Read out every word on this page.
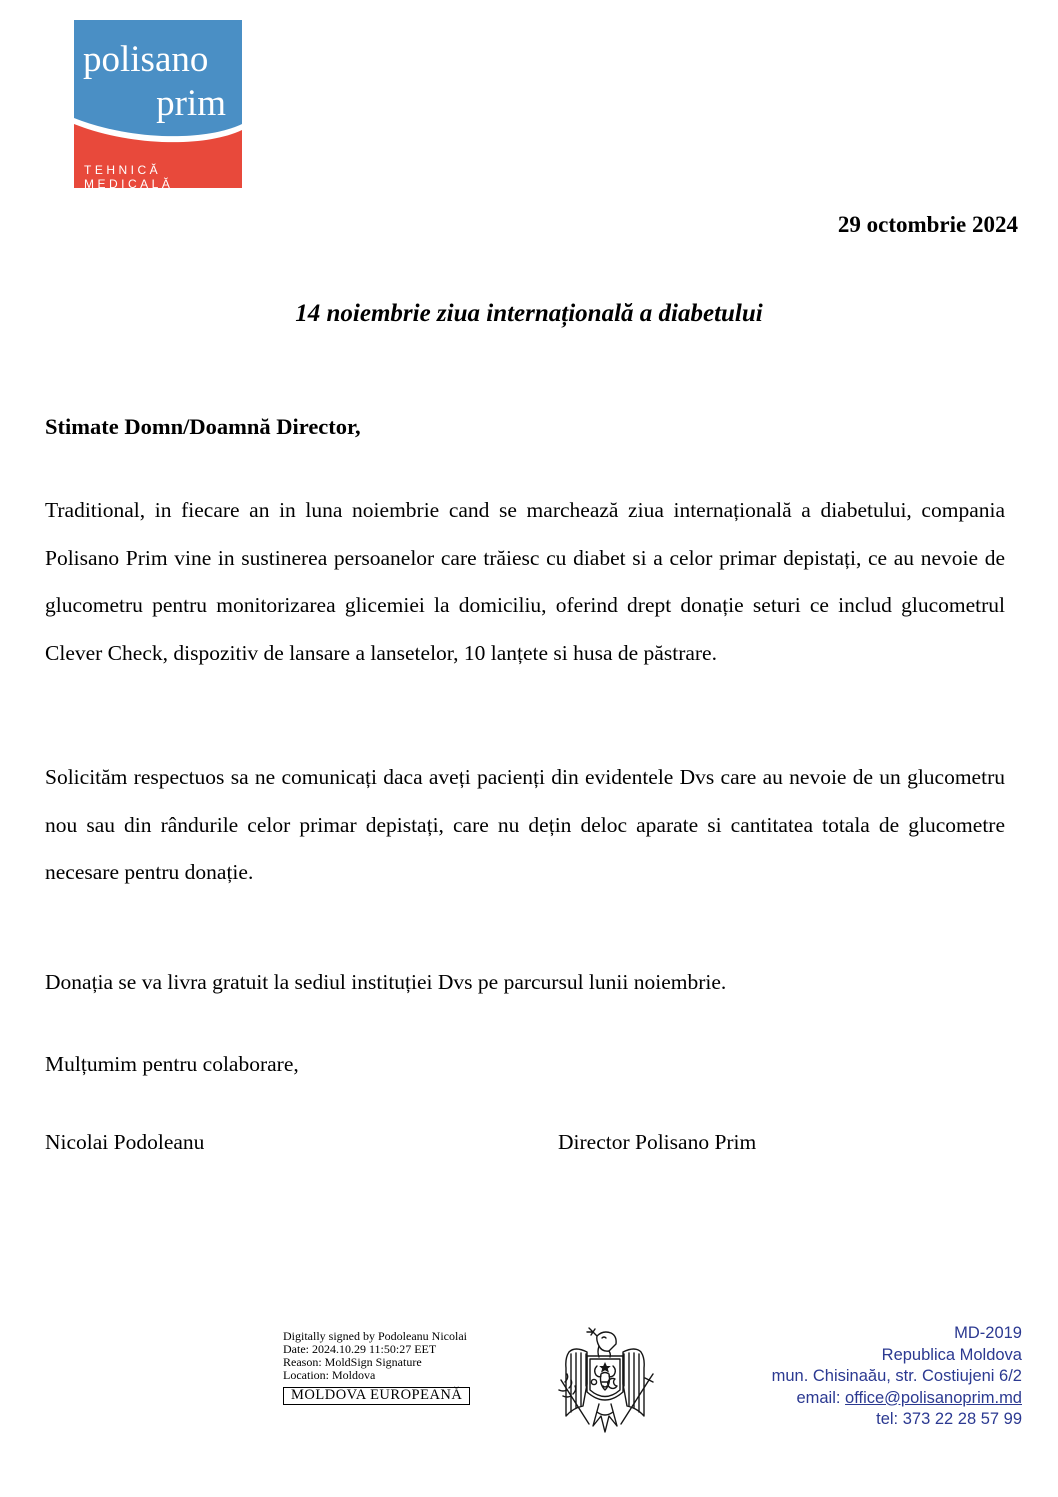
polisano
prim
TEHNICĂ MEDICALĂ
29 octombrie 2024
14 noiembrie ziua internațională a diabetului
Stimate Domn/Doamnă Director,

Traditional, in fiecare an in luna noiembrie cand se marchează ziua internațională a diabetului, compania Polisano Prim vine in sustinerea persoanelor care trăiesc cu diabet si a celor primar depistați, ce au nevoie de glucometru pentru monitorizarea glicemiei la domiciliu, oferind drept donație seturi ce includ glucometrul Clever Check, dispozitiv de lansare a lansetelor, 10 lanțete si husa de păstrare.

Solicităm respectuos sa ne comunicați daca aveți pacienți din evidentele Dvs care au nevoie de un glucometru nou sau din rândurile celor primar depistați, care nu dețin deloc aparate si cantitatea totala de glucometre necesare pentru donație.

Donația se va livra gratuit la sediul instituției Dvs pe parcursul lunii noiembrie.

Mulțumim pentru colaborare,

Nicolai Podoleanu	Director Polisano Prim
Digitally signed by Podoleanu Nicolai
Date: 2024.10.29 11:50:27 EET
Reason: MoldSign Signature
Location: Moldova
MOLDOVA EUROPEANĂ
MD-2019
Republica Moldova
mun. Chisinaău, str. Costiujeni 6/2
email: office@polisanoprim.md
tel: 373 22 28 57 99
